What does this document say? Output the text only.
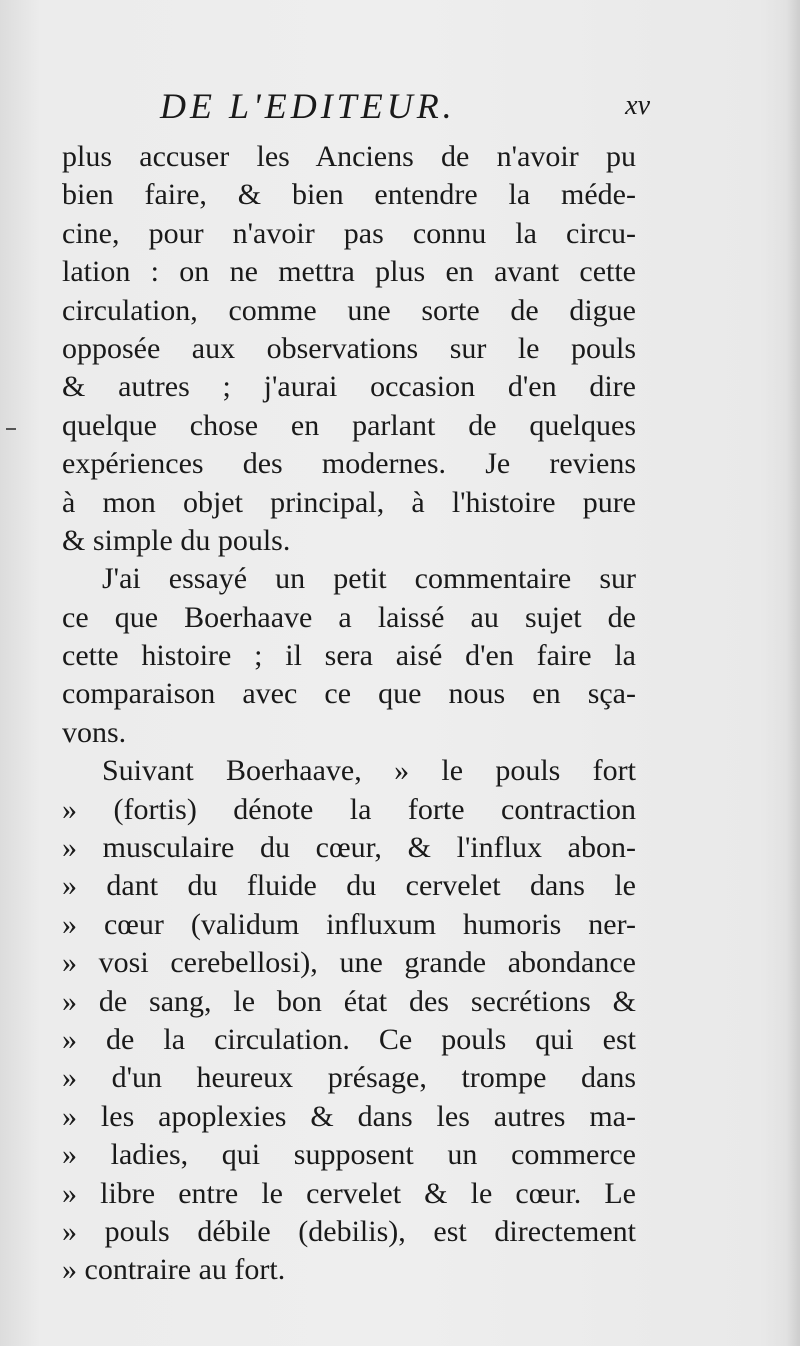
DE L'EDITEUR.	xv
plus accuser les Anciens de n'avoir pu
bien faire, & bien entendre la méde-
cine, pour n'avoir pas connu la circu-
lation : on ne mettra plus en avant cette
circulation, comme une sorte de digue
opposée aux observations sur le pouls
& autres ; j'aurai occasion d'en dire
quelque chose en parlant de quelques
expériences des modernes. Je reviens
à mon objet principal, à l'histoire pure
& simple du pouls.
J'ai essayé un petit commentaire sur
ce que Boerhaave a laissé au sujet de
cette histoire ; il sera aisé d'en faire la
comparaison avec ce que nous en sça-
vons.
Suivant Boerhaave, » le pouls fort
» (fortis) dénote la forte contraction
» musculaire du cœur, & l'influx abon-
» dant du fluide du cervelet dans le
» cœur (validum influxum humoris ner-
» vosi cerebellosi), une grande abondance
» de sang, le bon état des secrétions &
» de la circulation. Ce pouls qui est
» d'un heureux présage, trompe dans
» les apoplexies & dans les autres ma-
» ladies, qui supposent un commerce
» libre entre le cervelet & le cœur. Le
» pouls débile (debilis), est directement
» contraire au fort.
